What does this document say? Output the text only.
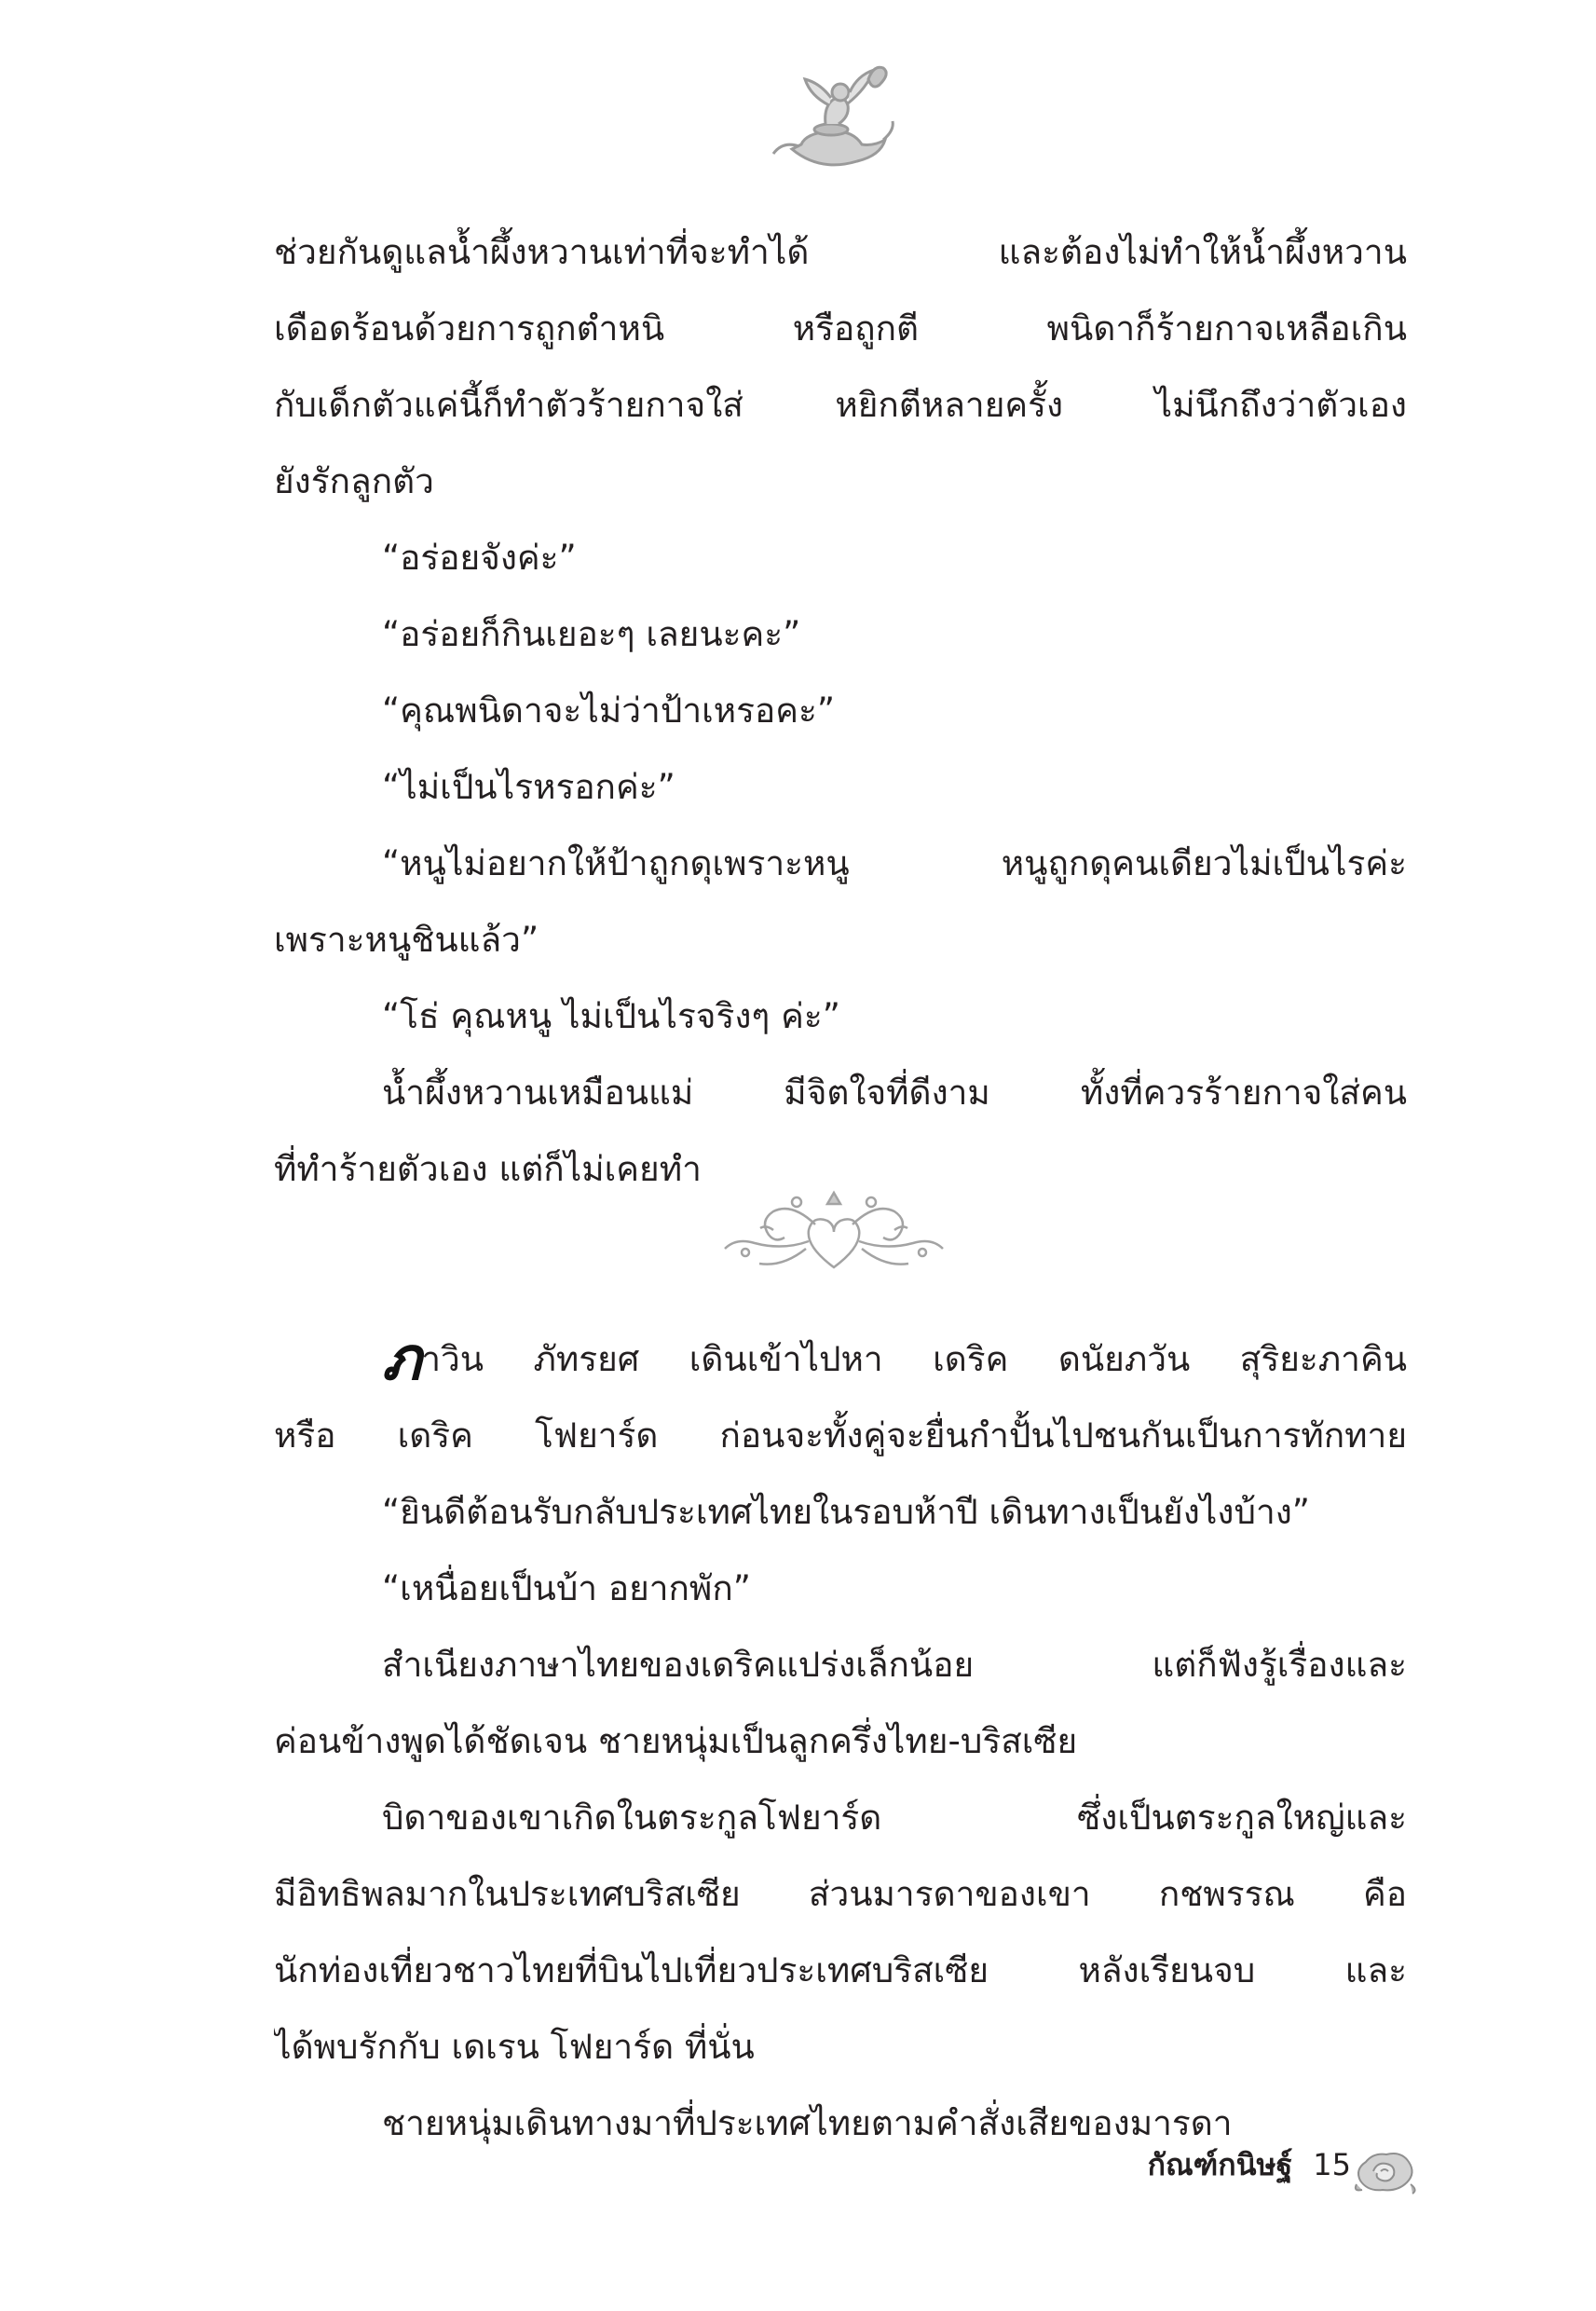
ช่วยกันดูแลน้ำผึ้งหวานเท่าที่จะทำได้ และต้องไม่ทำให้น้ำผึ้งหวาน
เดือดร้อนด้วยการถูกตำหนิ หรือถูกตี พนิดาก็ร้ายกาจเหลือเกิน
กับเด็กตัวแค่นี้ก็ทำตัวร้ายกาจใส่ หยิกตีหลายครั้ง ไม่นึกถึงว่าตัวเอง
ยังรักลูกตัว
“อร่อยจังค่ะ”
“อร่อยก็กินเยอะๆ เลยนะคะ”
“คุณพนิดาจะไม่ว่าป้าเหรอคะ”
“ไม่เป็นไรหรอกค่ะ”
“หนูไม่อยากให้ป้าถูกดุเพราะหนู หนูถูกดุคนเดียวไม่เป็นไรค่ะ
เพราะหนูชินแล้ว”
“โธ่ คุณหนู ไม่เป็นไรจริงๆ ค่ะ”
น้ำผึ้งหวานเหมือนแม่ มีจิตใจที่ดีงาม ทั้งที่ควรร้ายกาจใส่คน
ที่ทำร้ายตัวเอง แต่ก็ไม่เคยทำ
ภาวิน ภัทรยศ เดินเข้าไปหา เดริค ดนัยภวัน สุริยะภาคิน
หรือ เดริค โฟยาร์ด ก่อนจะทั้งคู่จะยื่นกำปั้นไปชนกันเป็นการทักทาย
“ยินดีต้อนรับกลับประเทศไทยในรอบห้าปี เดินทางเป็นยังไงบ้าง”
“เหนื่อยเป็นบ้า อยากพัก”
สำเนียงภาษาไทยของเดริคแปร่งเล็กน้อย แต่ก็ฟังรู้เรื่องและ
ค่อนข้างพูดได้ชัดเจน ชายหนุ่มเป็นลูกครึ่งไทย-บริสเซีย
บิดาของเขาเกิดในตระกูลโฟยาร์ด ซึ่งเป็นตระกูลใหญ่และ
มีอิทธิพลมากในประเทศบริสเซีย ส่วนมารดาของเขา กชพรรณ คือ
นักท่องเที่ยวชาวไทยที่บินไปเที่ยวประเทศบริสเซีย หลังเรียนจบ และ
ได้พบรักกับ เดเรน โฟยาร์ด ที่นั่น
ชายหนุ่มเดินทางมาที่ประเทศไทยตามคำสั่งเสียของมารดา
กัณฑ์กนิษฐ์ 15
